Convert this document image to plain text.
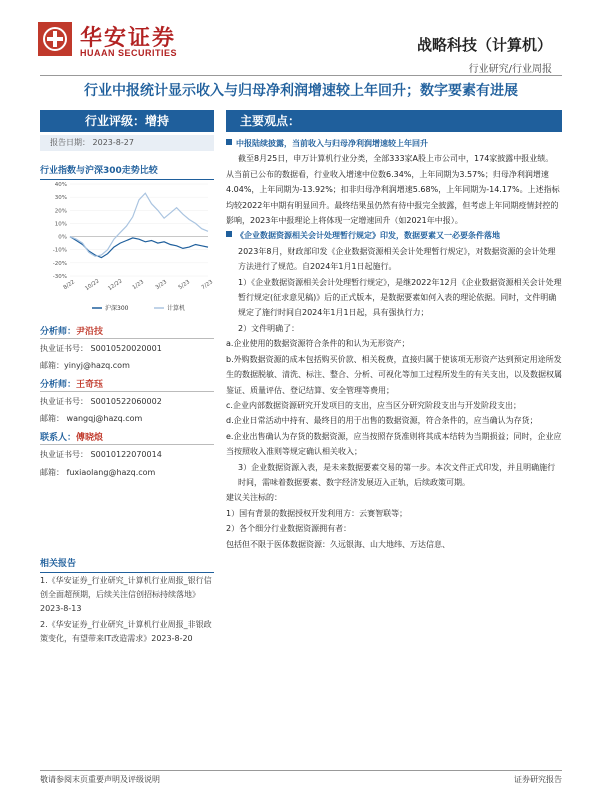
华安证券
HUAAN SECURITIES	战略科技（计算机）
行业研究/行业周报
行业中报统计显示收入与归母净利润增速较上年回升；数字要素有进展
行业评级：增持
报告日期： 2023-8-27
行业指数与沪深300走势比较
40%
30%
20%
10%
0%
-10%
-20%
-30%
8/22 10/22 12/22 1/23 3/23 5/23 7/23
沪深300	计算机
分析师：尹沿技
执业证书号： S0010520020001
邮箱：yinyj@hazq.com
分析师：王奇珏
执业证书号： S0010522060002
邮箱： wangqj@hazq.com
联系人：傅晓烺
执业证书号： S0010122070014
邮箱： fuxiaolang@hazq.com
相关报告
1.《华安证券_行业研究_计算机行业周报_银行信创全面超预期，后续关注信创招标持续落地》2023-8-13
2.《华安证券_行业研究_计算机行业周报_非银政策变化，有望带来IT改造需求》2023-8-20
主要观点：

中报陆续披露，当前收入与归母净利润增速较上年回升

截至8月25日，申万计算机行业分类，全部333家A股上市公司中，174家披露中报业绩。

从当前已公布的数据看，行业收入增速中位数6.34%，上年同期为3.57%；归母净利润增速4.04%，上年同期为-13.92%；扣非归母净利润增速5.68%，上年同期为-14.17%。上述指标均较2022年中期有明显回升。最终结果虽仍然有待中报完全披露，但考虑上年同期疫情封控的影响，2023年中报理论上将体现一定增速回升（如2021年中报）。

《企业数据资源相关会计处理暂行规定》印发，数据要素又一必要条件落地

2023年8月，财政部印发《企业数据资源相关会计处理暂行规定》，对数据资源的会计处理方法进行了规范。自2024年1月1日起施行。

1）《企业数据资源相关会计处理暂行规定》，是继2022年12月《企业数据资源相关会计处理暂行规定(征求意见稿)》后的正式版本，是数据要素如何入表的理论依据。同时，文件明确规定了施行时间自2024年1月1日起，具有强执行力；

2）文件明确了：

a.企业使用的数据资源符合条件的和认为无形资产；

b.外购数据资源的成本包括购买价款、相关税费，直接归属于使该项无形资产达到预定用途所发生的数据脱敏、清洗、标注、整合、分析、可视化等加工过程所发生的有关支出，以及数据权属鉴证、质量评估、登记结算、安全管理等费用；

c.企业内部数据资源研究开发项目的支出，应当区分研究阶段支出与开发阶段支出；

d.企业日常活动中持有、最终目的用于出售的数据资源，符合条件的，应当确认为存货；

e.企业出售确认为存货的数据资源，应当按照存货准则将其成本结转为当期损益；同时，企业应当按照收入准则等规定确认相关收入；

3）企业数据资源入表，是未来数据要素交易的第一步。本次文件正式印发，并且明确施行时间，需味着数据要素、数字经济发展迈入正轨，后续政策可期。

建议关注标的：

1）国有背景的数据授权开发利用方：云赛智联等；

2）各个细分行业数据资源拥有者：

包括但不限于医体数据资源：久远银海、山大地纬、万达信息、

敬请参阅末页重要声明及评级说明	证券研究报告
